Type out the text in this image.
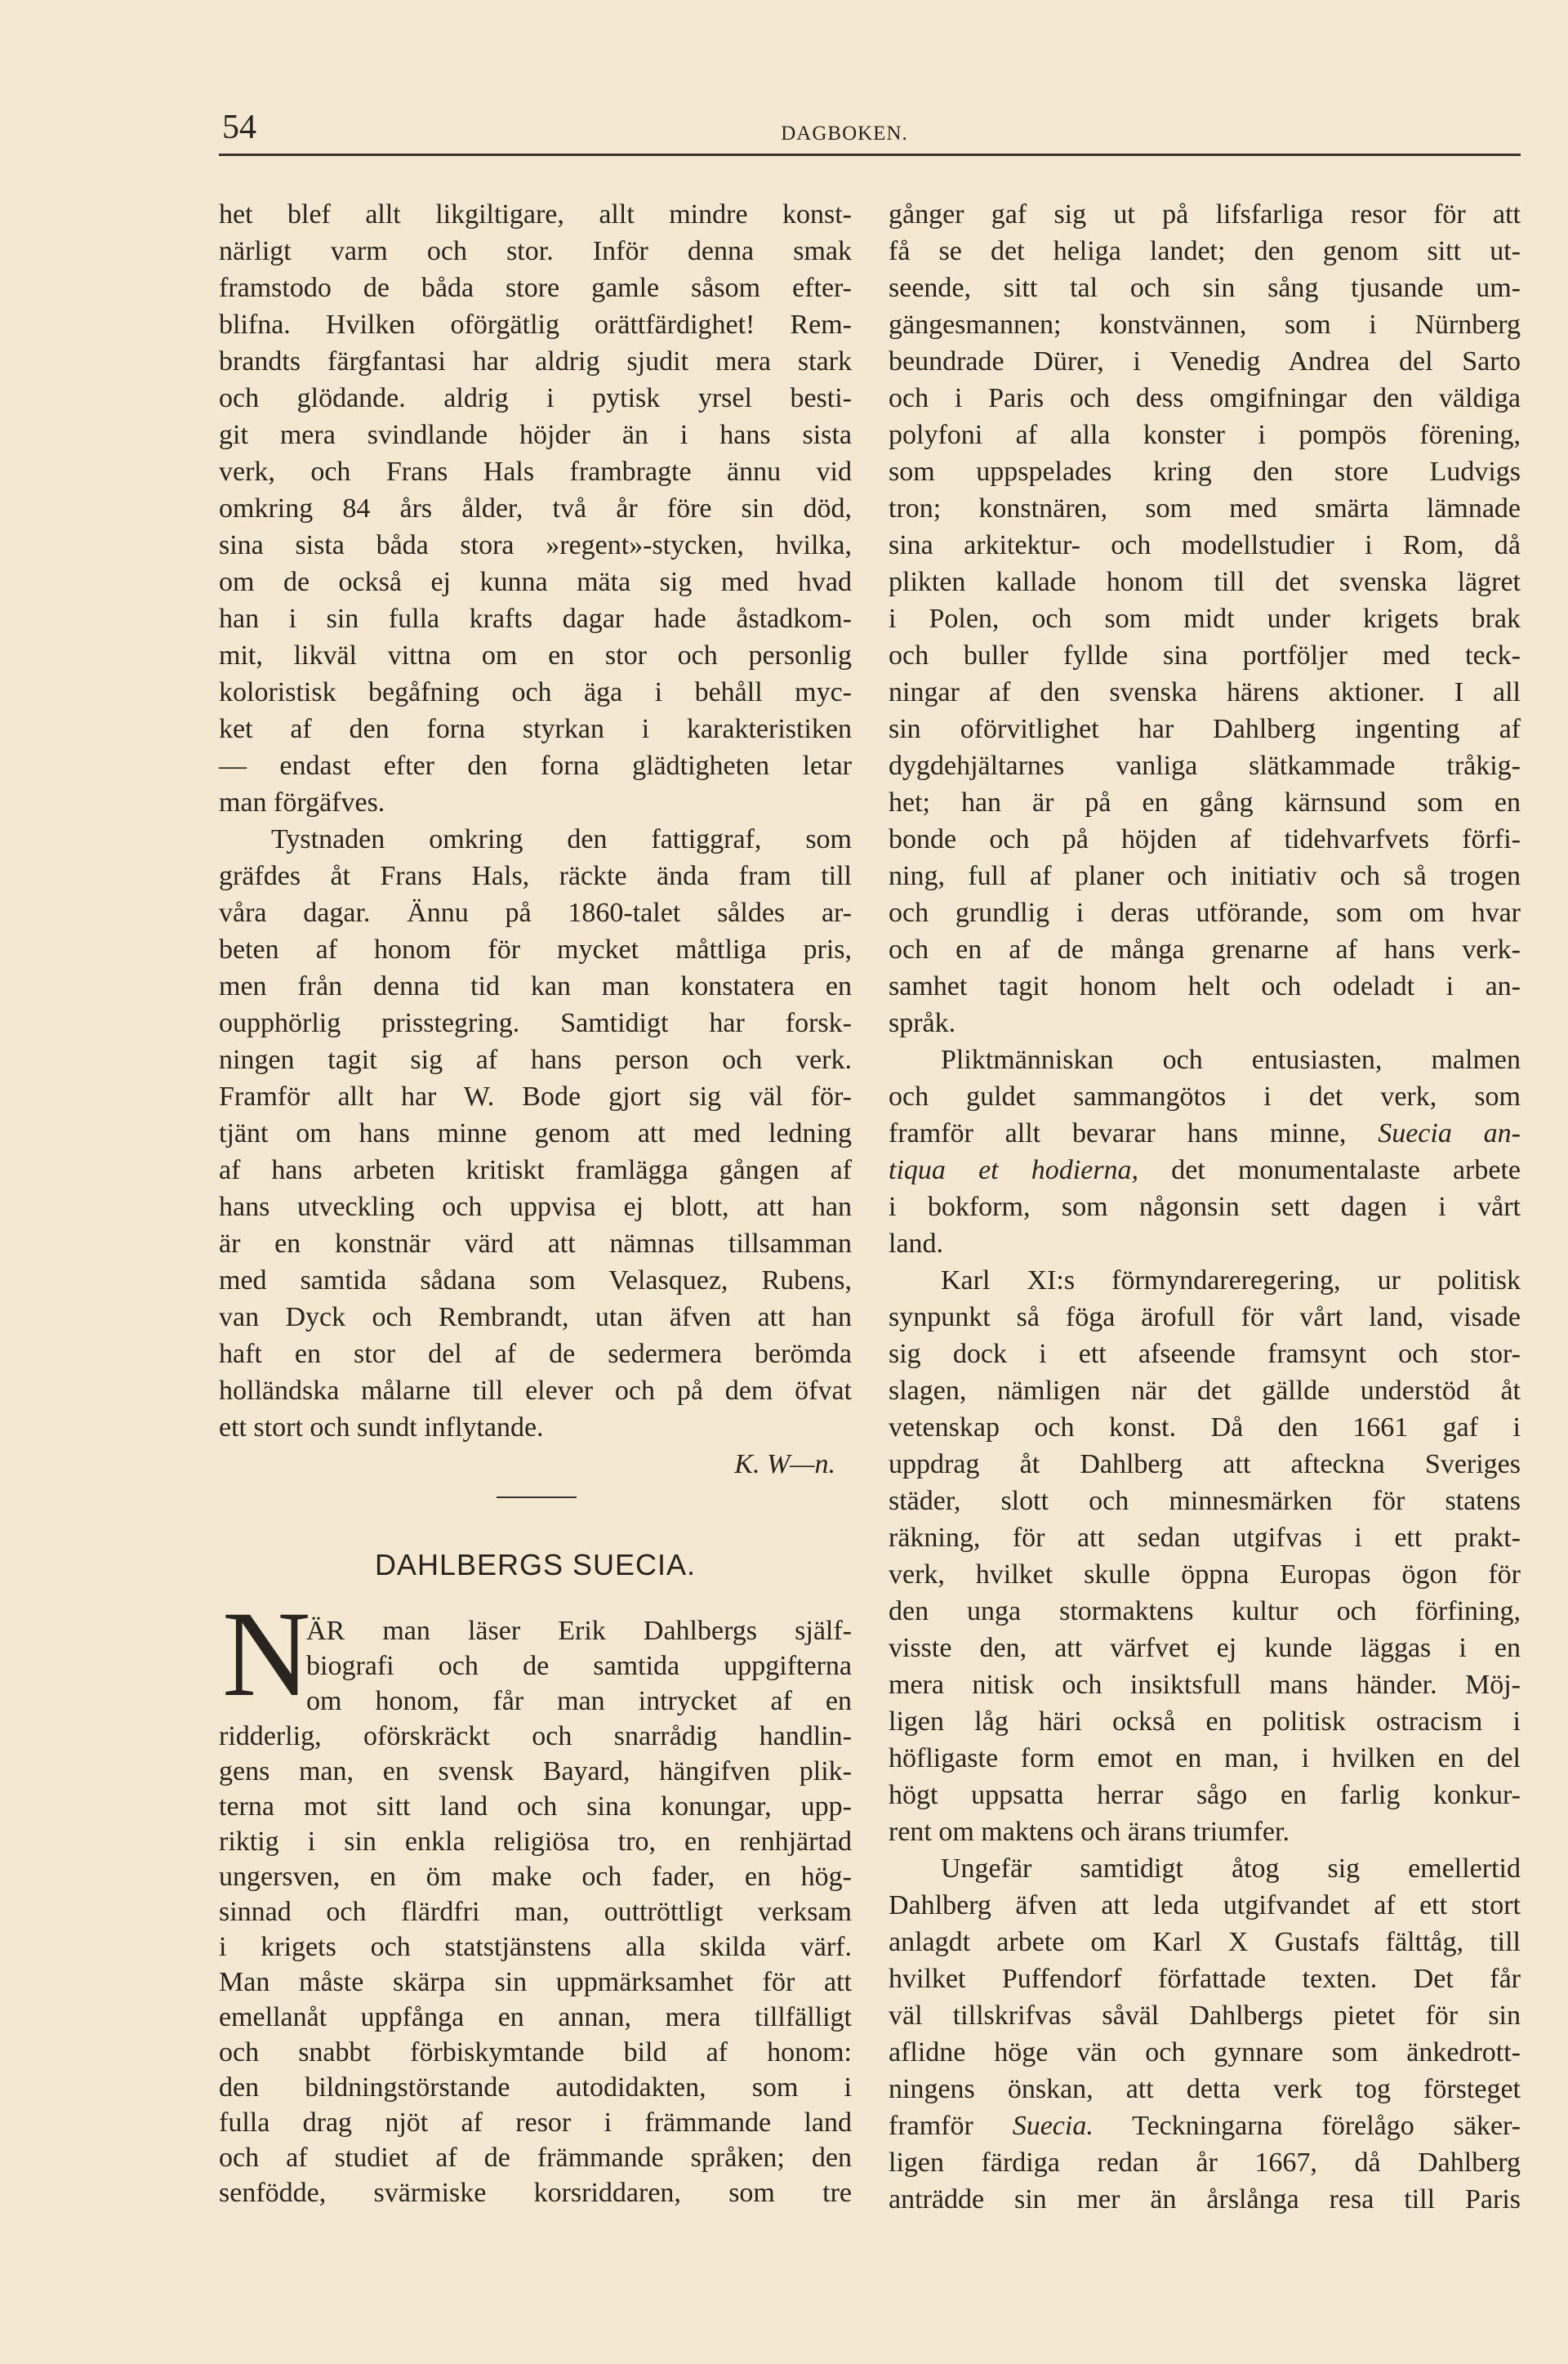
54	DAGBOKEN.
het blef allt likgiltigare, allt mindre konst-
närligt varm och stor. Inför denna smak
framstodo de båda store gamle såsom efter-
blifna. Hvilken oförgätlig orättfärdighet! Rem-
brandts färgfantasi har aldrig sjudit mera stark
och glödande. aldrig i pytisk yrsel besti-
git mera svindlande höjder än i hans sista
verk, och Frans Hals frambragte ännu vid
omkring 84 års ålder, två år före sin död,
sina sista båda stora »regent»-stycken, hvilka,
om de också ej kunna mäta sig med hvad
han i sin fulla krafts dagar hade åstadkom-
mit, likväl vittna om en stor och personlig
koloristisk begåfning och äga i behåll myc-
ket af den forna styrkan i karakteristiken
— endast efter den forna glädtigheten letar
man förgäfves.
Tystnaden omkring den fattiggraf, som
gräfdes åt Frans Hals, räckte ända fram till
våra dagar. Ännu på 1860-talet såldes ar-
beten af honom för mycket måttliga pris,
men från denna tid kan man konstatera en
oupphörlig prisstegring. Samtidigt har forsk-
ningen tagit sig af hans person och verk.
Framför allt har W. Bode gjort sig väl för-
tjänt om hans minne genom att med ledning
af hans arbeten kritiskt framlägga gången af
hans utveckling och uppvisa ej blott, att han
är en konstnär värd att nämnas tillsamman
med samtida sådana som Velasquez, Rubens,
van Dyck och Rembrandt, utan äfven att han
haft en stor del af de sedermera berömda
holländska målarne till elever och på dem öfvat
ett stort och sundt inflytande.
K. W—n.
DAHLBERGS SUECIA.
N
ÄR man läser Erik Dahlbergs själf-
biografi och de samtida uppgifterna
om honom, får man intrycket af en
ridderlig, oförskräckt och snarrådig handlin-
gens man, en svensk Bayard, hängifven plik-
terna mot sitt land och sina konungar, upp-
riktig i sin enkla religiösa tro, en renhjärtad
ungersven, en öm make och fader, en hög-
sinnad och flärdfri man, outtröttligt verksam
i krigets och statstjänstens alla skilda värf.
Man måste skärpa sin uppmärksamhet för att
emellanåt uppfånga en annan, mera tillfälligt
och snabbt förbiskymtande bild af honom:
den bildningstörstande autodidakten, som i
fulla drag njöt af resor i främmande land
och af studiet af de främmande språken; den
senfödde, svärmiske korsriddaren, som tre
gånger gaf sig ut på lifsfarliga resor för att
få se det heliga landet; den genom sitt ut-
seende, sitt tal och sin sång tjusande um-
gängesmannen; konstvännen, som i Nürnberg
beundrade Dürer, i Venedig Andrea del Sarto
och i Paris och dess omgifningar den väldiga
polyfoni af alla konster i pompös förening,
som uppspelades kring den store Ludvigs
tron; konstnären, som med smärta lämnade
sina arkitektur- och modellstudier i Rom, då
plikten kallade honom till det svenska lägret
i Polen, och som midt under krigets brak
och buller fyllde sina portföljer med teck-
ningar af den svenska härens aktioner. I all
sin oförvitlighet har Dahlberg ingenting af
dygdehjältarnes vanliga slätkammade tråkig-
het; han är på en gång kärnsund som en
bonde och på höjden af tidehvarfvets förfi-
ning, full af planer och initiativ och så trogen
och grundlig i deras utförande, som om hvar
och en af de många grenarne af hans verk-
samhet tagit honom helt och odeladt i an-
språk.
Pliktmänniskan och entusiasten, malmen
och guldet sammangötos i det verk, som
framför allt bevarar hans minne, Suecia an-
tiqua et hodierna, det monumentalaste arbete
i bokform, som någonsin sett dagen i vårt
land.
Karl XI:s förmyndareregering, ur politisk
synpunkt så föga ärofull för vårt land, visade
sig dock i ett afseende framsynt och stor-
slagen, nämligen när det gällde understöd åt
vetenskap och konst. Då den 1661 gaf i
uppdrag åt Dahlberg att afteckna Sveriges
städer, slott och minnesmärken för statens
räkning, för att sedan utgifvas i ett prakt-
verk, hvilket skulle öppna Europas ögon för
den unga stormaktens kultur och förfining,
visste den, att värfvet ej kunde läggas i en
mera nitisk och insiktsfull mans händer. Möj-
ligen låg häri också en politisk ostracism i
höfligaste form emot en man, i hvilken en del
högt uppsatta herrar sågo en farlig konkur-
rent om maktens och ärans triumfer.
Ungefär samtidigt åtog sig emellertid
Dahlberg äfven att leda utgifvandet af ett stort
anlagdt arbete om Karl X Gustafs fälttåg, till
hvilket Puffendorf författade texten. Det får
väl tillskrifvas såväl Dahlbergs pietet för sin
aflidne höge vän och gynnare som änkedrott-
ningens önskan, att detta verk tog försteget
framför Suecia. Teckningarna förelågo säker-
ligen färdiga redan år 1667, då Dahlberg
anträdde sin mer än årslånga resa till Paris
